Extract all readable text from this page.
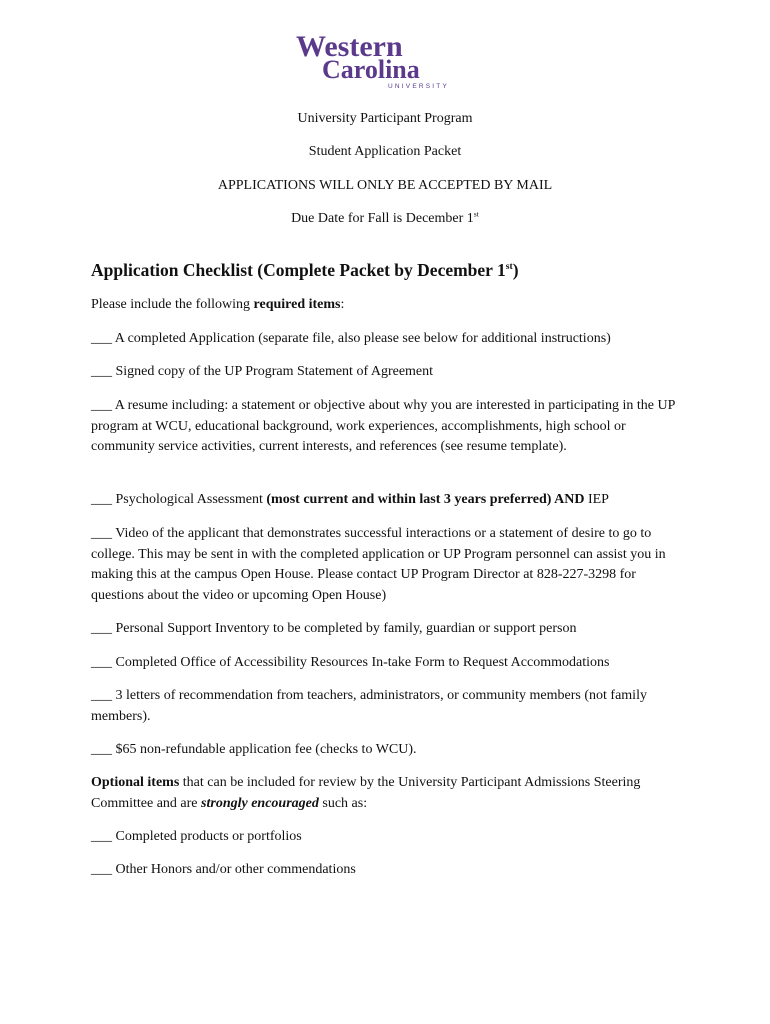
Western
Carolina
UNIVERSITY

University Participant Program

Student Application Packet

APPLICATIONS WILL ONLY BE ACCEPTED BY MAIL

Due Date for Fall is December 1st

Application Checklist (Complete Packet by December 1st)

Please include the following required items:

___ A completed Application (separate file, also please see below for additional instructions)

___ Signed copy of the UP Program Statement of Agreement

___ A resume including: a statement or objective about why you are interested in participating in the UP program at WCU, educational background, work experiences, accomplishments, high school or community service activities, current interests, and references (see resume template).

___ Psychological Assessment (most current and within last 3 years preferred) AND IEP

___ Video of the applicant that demonstrates successful interactions or a statement of desire to go to college. This may be sent in with the completed application or UP Program personnel can assist you in making this at the campus Open House. Please contact UP Program Director at 828-227-3298 for questions about the video or upcoming Open House)

___ Personal Support Inventory to be completed by family, guardian or support person

___ Completed Office of Accessibility Resources In-take Form to Request Accommodations

___ 3 letters of recommendation from teachers, administrators, or community members (not family members).

___ $65 non-refundable application fee (checks to WCU).

Optional items that can be included for review by the University Participant Admissions Steering Committee and are strongly encouraged such as:

___ Completed products or portfolios

___ Other Honors and/or other commendations
